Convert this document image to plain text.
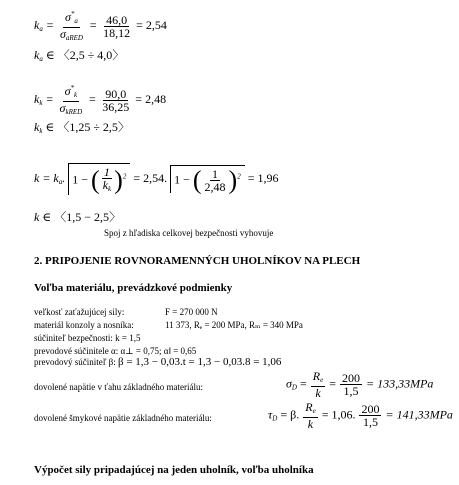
$k_a = \frac{\sigma^*_a}{\sigma_{aRED}} = \frac{46,0}{18,12} = 2,54$
$k_a$ ∈ 〈2,5 ÷ 4,0〉
$k_k = \frac{\sigma^*_k}{\sigma_{kRED}} = \frac{90,0}{36,25} = 2,48$
$k_k$ ∈ 〈1,25 ÷ 2,5〉
$k = k_a$. 1 − ( $\frac{1}{k_k} )^2 = 2,54$. 1 − ( $\frac{1}{2,48} )^2 = 1,96$
k ∈ 〈1,5 − 2,5〉
Spoj z hľadiska celkovej bezpečnosti vyhovuje
2. PRIPOJENIE ROVNORAMENNÝCH UHOLNÍKOV NA PLECH
Voľba materiálu, prevádzkové podmienky
veľkosť zaťažujúcej sily:	F = 270 000 N
materiál konzoly a nosníka:	11 373, Rₑ = 200 MPa, Rₘ = 340 MPa
súčiniteľ bezpečnosti: k = 1,5
prevodové súčinitele α: α⊥ = 0,75; α‖ = 0,65
prevodový súčiniteľ β: β = 1,3 − 0,03.t = 1,3 − 0,03.8 = 1,06
dovolené napätie v ťahu základného materiálu:	$\sigma_D = \frac{R_e}{k} = \frac{200}{1,5} = 133,33MPa$
dovolené šmykové napätie základného materiálu:	$\tau_D = \beta$. $\frac{R_e}{k} = 1,06$. $\frac{200}{1,5} = 141,33MPa$
Výpočet sily pripadajúcej na jeden uholník, voľba uholníka
